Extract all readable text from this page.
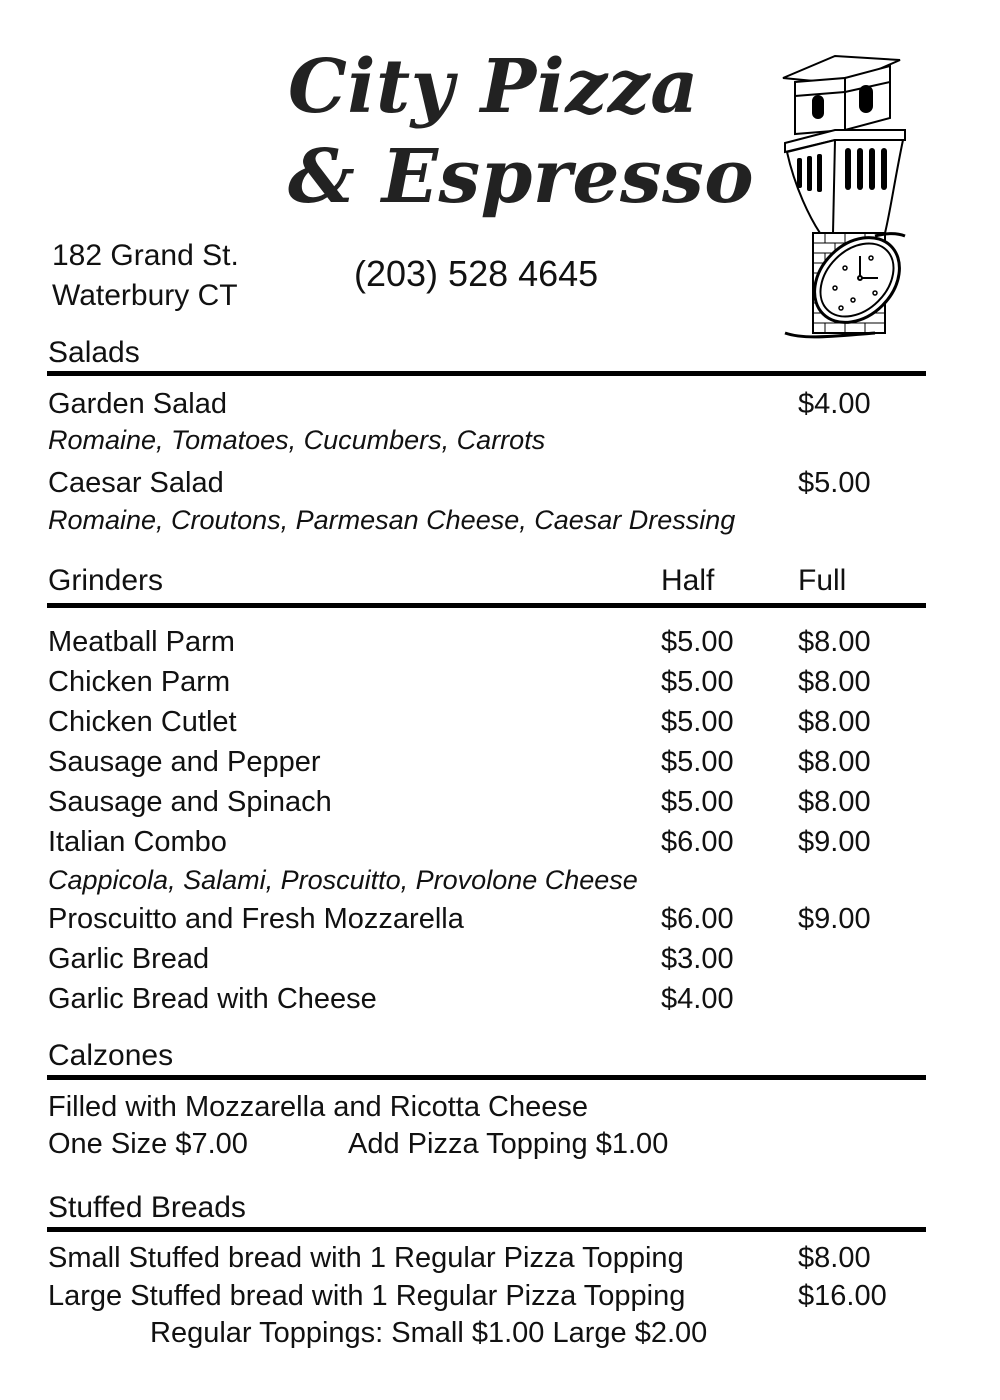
City Pizza
& Espresso
182 Grand St.
Waterbury CT
(203) 528 4645
Salads
Garden Salad	$4.00
Romaine, Tomatoes, Cucumbers, Carrots
Caesar Salad	$5.00
Romaine, Croutons, Parmesan Cheese, Caesar Dressing
Grinders	Half	Full
Meatball Parm	$5.00 $8.00
Chicken Parm	$5.00 $8.00
Chicken Cutlet	$5.00 $8.00
Sausage and Pepper	$5.00 $8.00
Sausage and Spinach	$5.00 $8.00
Italian Combo	$6.00 $9.00
Cappicola, Salami, Proscuitto, Provolone Cheese
Proscuitto and Fresh Mozzarella	$6.00 $9.00
Garlic Bread	$3.00
Garlic Bread with Cheese	$4.00
Calzones
Filled with Mozzarella and Ricotta Cheese
One Size $7.00	Add Pizza Topping $1.00
Stuffed Breads
Small Stuffed bread with 1 Regular Pizza Topping	$8.00
Large Stuffed bread with 1 Regular Pizza Topping	$16.00
Regular Toppings: Small $1.00 Large $2.00
